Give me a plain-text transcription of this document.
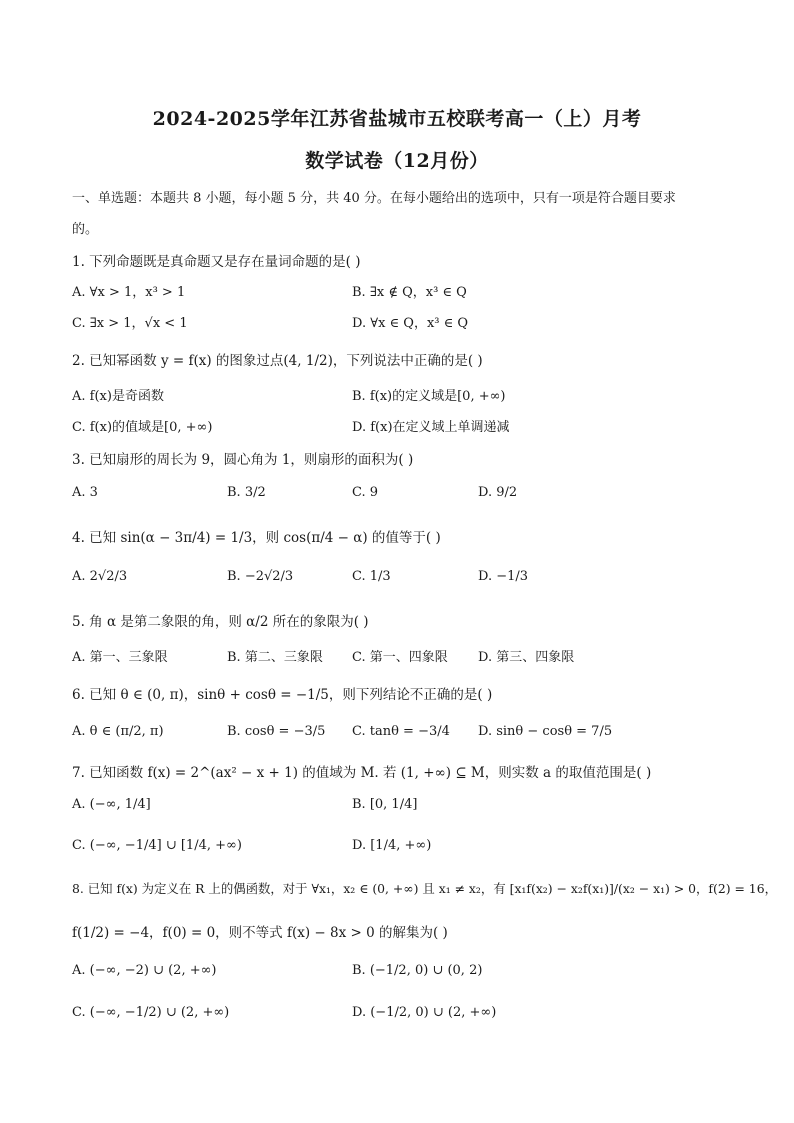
2024-2025学年江苏省盐城市五校联考高一（上）月考
数学试卷（12月份）
一、单选题：本题共 8 小题，每小题 5 分，共 40 分。在每小题给出的选项中，只有一项是符合题目要求
的。
1. 下列命题既是真命题又是存在量词命题的是( )
A. ∀x > 1，x³ > 1	B. ∃x ∉ Q，x³ ∈ Q
C. ∃x > 1，√x < 1	D. ∀x ∈ Q，x³ ∈ Q
2. 已知幂函数 y = f(x) 的图象过点(4, 1/2)，下列说法中正确的是( )
A. f(x)是奇函数	B. f(x)的定义域是[0, +∞)
C. f(x)的值域是[0, +∞)	D. f(x)在定义域上单调递减
3. 已知扇形的周长为 9，圆心角为 1，则扇形的面积为( )
A. 3	B. 3/2	C. 9	D. 9/2
4. 已知 sin(α − 3π/4) = 1/3，则 cos(π/4 − α) 的值等于( )
A. 2√2/3	B. −2√2/3	C. 1/3	D. −1/3
5. 角 α 是第二象限的角，则 α/2 所在的象限为( )
A. 第一、三象限	B. 第二、三象限 C. 第一、四象限 D. 第三、四象限
6. 已知 θ ∈ (0, π)，sinθ + cosθ = −1/5，则下列结论不正确的是( )
A. θ ∈ (π/2, π)	B. cosθ = −3/5 C. tanθ = −3/4 D. sinθ − cosθ = 7/5
7. 已知函数 f(x) = 2^(ax² − x + 1) 的值域为 M. 若 (1, +∞) ⊆ M，则实数 a 的取值范围是( )
A. (−∞, 1/4]	B. [0, 1/4]
C. (−∞, −1/4] ∪ [1/4, +∞)	D. [1/4, +∞)
8. 已知 f(x) 为定义在 R 上的偶函数，对于 ∀x₁，x₂ ∈ (0, +∞) 且 x₁ ≠ x₂，有 [x₁f(x₂) − x₂f(x₁)]/(x₂ − x₁) > 0，f(2) = 16，
f(1/2) = −4，f(0) = 0，则不等式 f(x) − 8x > 0 的解集为( )
A. (−∞, −2) ∪ (2, +∞)	B. (−1/2, 0) ∪ (0, 2)
C. (−∞, −1/2) ∪ (2, +∞)	D. (−1/2, 0) ∪ (2, +∞)
